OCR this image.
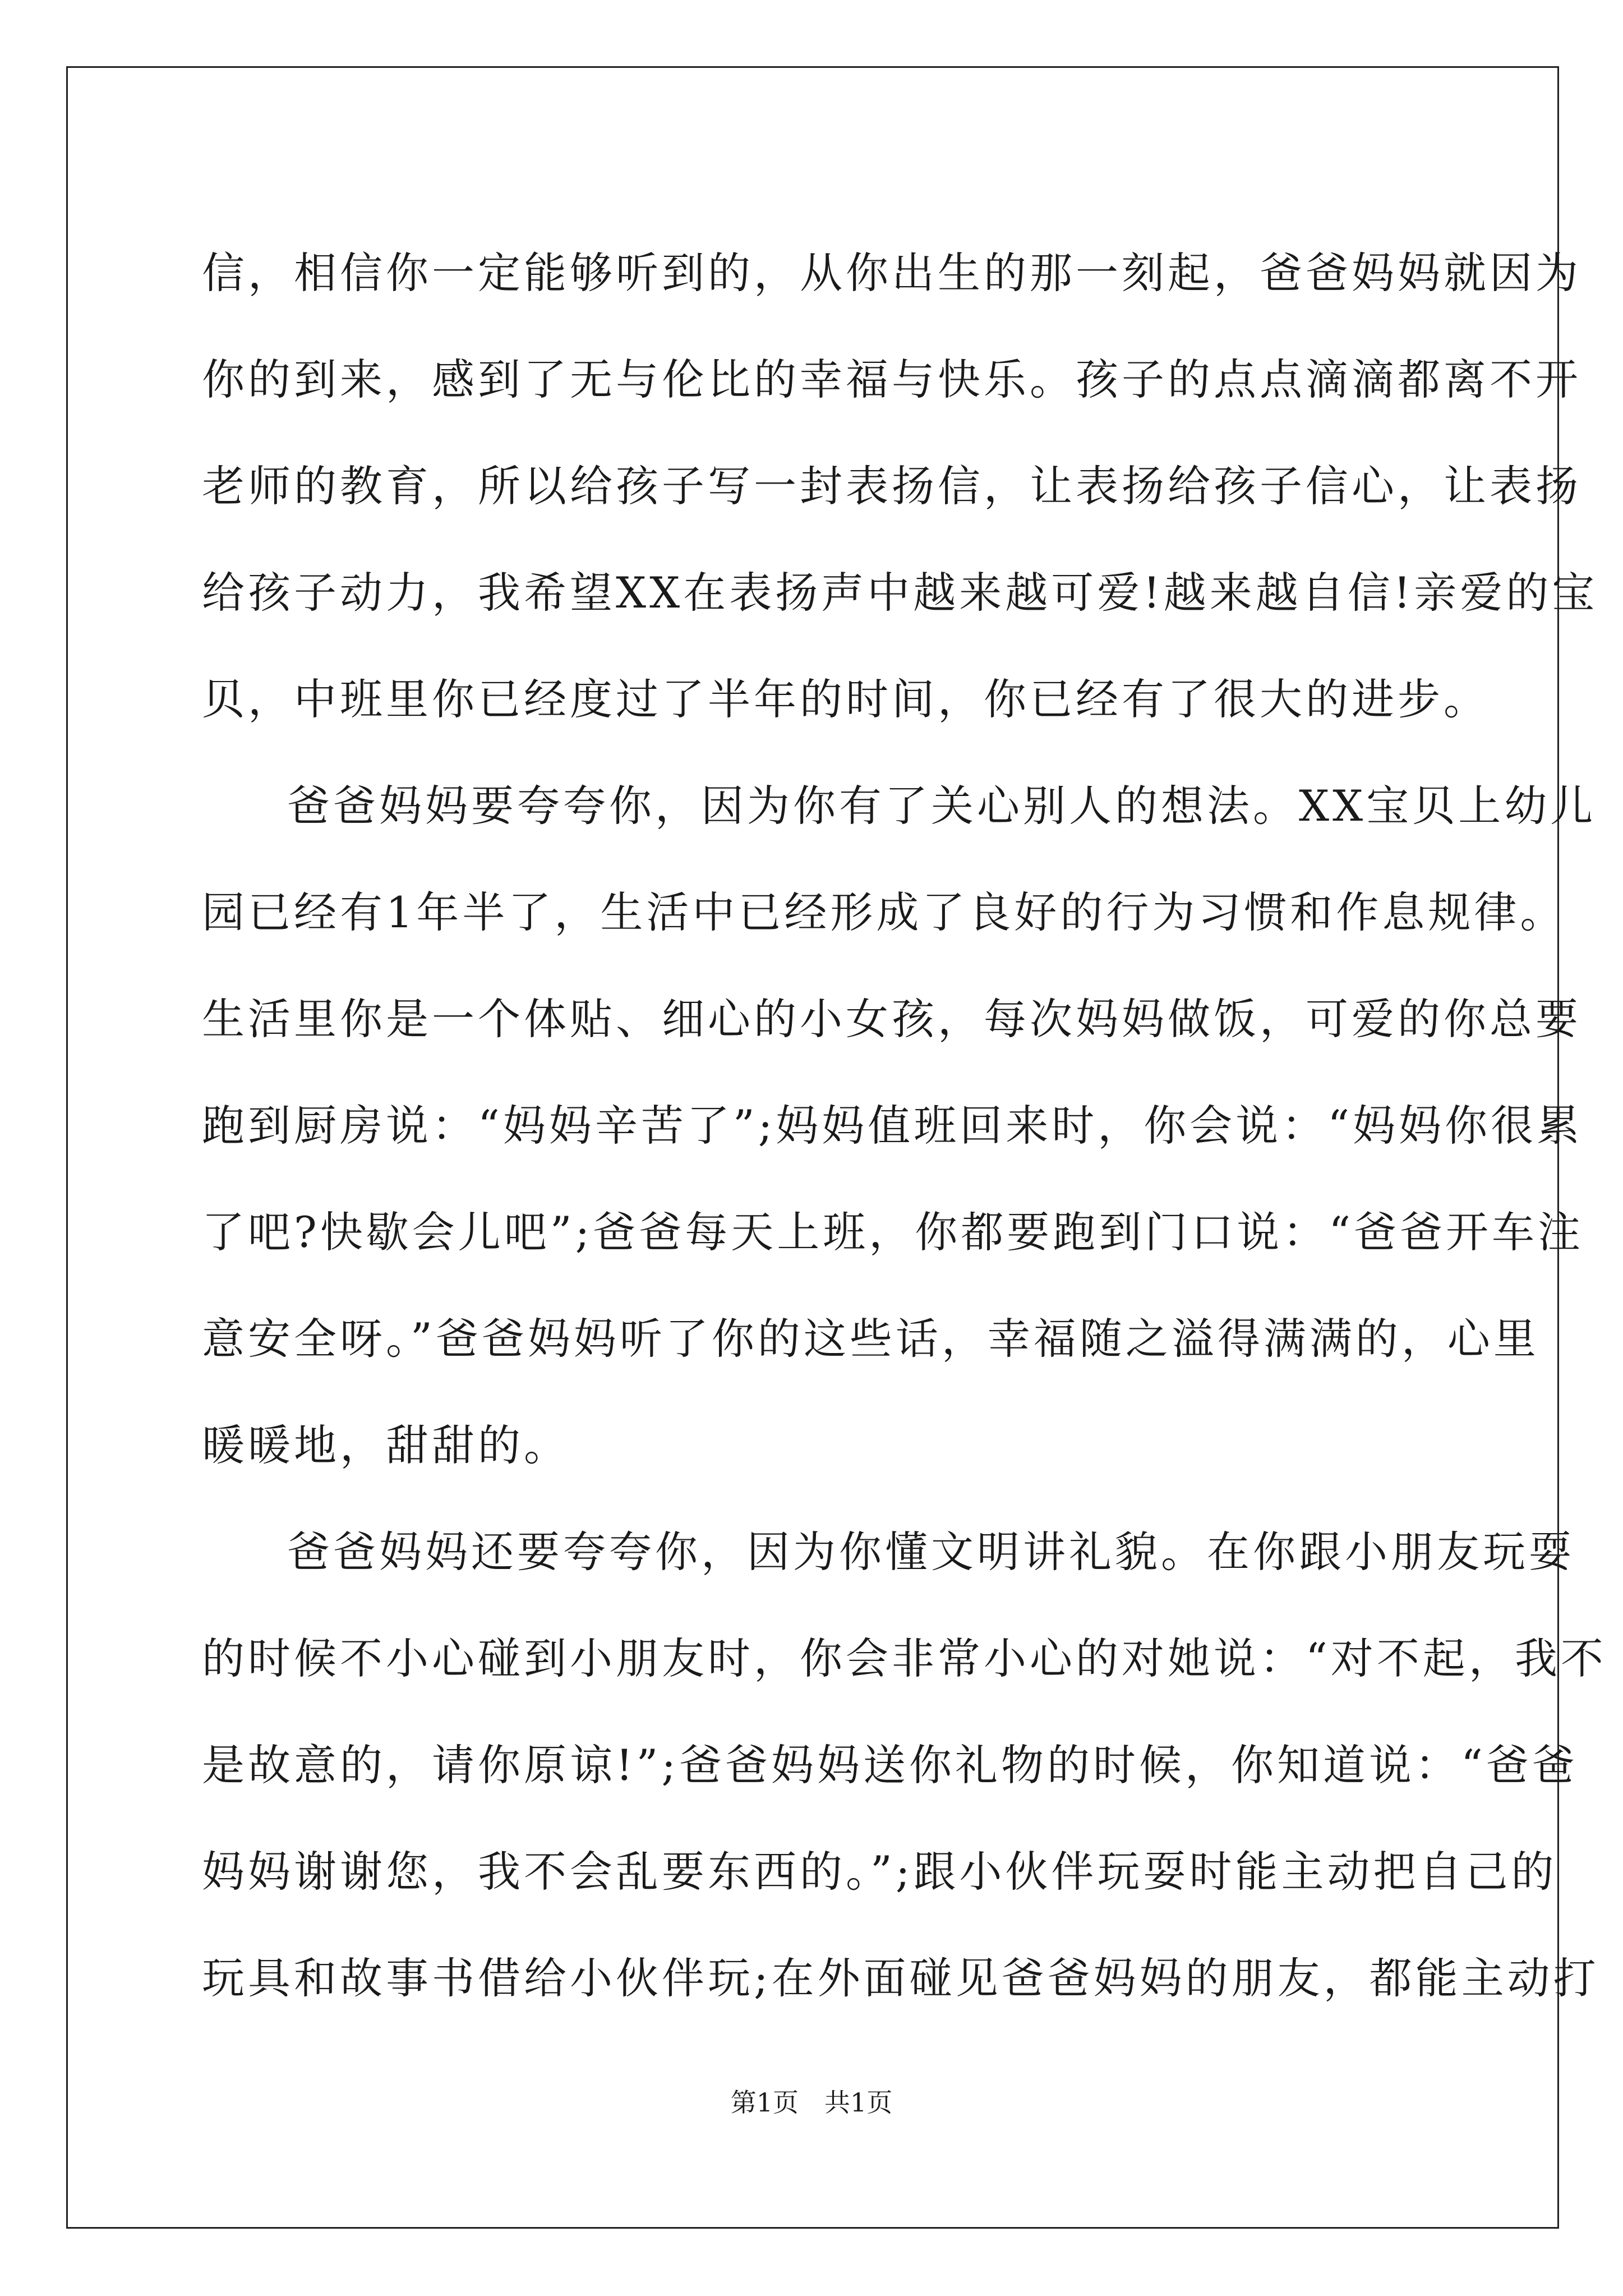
信，相信你一定能够听到的，从你出生的那一刻起，爸爸妈妈就因为
你的到来，感到了无与伦比的幸福与快乐。孩子的点点滴滴都离不开
老师的教育，所以给孩子写一封表扬信，让表扬给孩子信心，让表扬
给孩子动力，我希望XX在表扬声中越来越可爱!越来越自信!亲爱的宝
贝，中班里你已经度过了半年的时间，你已经有了很大的进步。
爸爸妈妈要夸夸你，因为你有了关心别人的想法。XX宝贝上幼儿
园已经有1年半了，生活中已经形成了良好的行为习惯和作息规律。
生活里你是一个体贴、细心的小女孩，每次妈妈做饭，可爱的你总要
跑到厨房说：“妈妈辛苦了”;妈妈值班回来时，你会说：“妈妈你很累
了吧?快歇会儿吧”;爸爸每天上班，你都要跑到门口说：“爸爸开车注
意安全呀。”爸爸妈妈听了你的这些话，幸福随之溢得满满的，心里
暖暖地，甜甜的。
爸爸妈妈还要夸夸你，因为你懂文明讲礼貌。在你跟小朋友玩耍
的时候不小心碰到小朋友时，你会非常小心的对她说：“对不起，我不
是故意的，请你原谅!”;爸爸妈妈送你礼物的时候，你知道说：“爸爸
妈妈谢谢您，我不会乱要东西的。”;跟小伙伴玩耍时能主动把自己的
玩具和故事书借给小伙伴玩;在外面碰见爸爸妈妈的朋友，都能主动打
第1页　共1页
